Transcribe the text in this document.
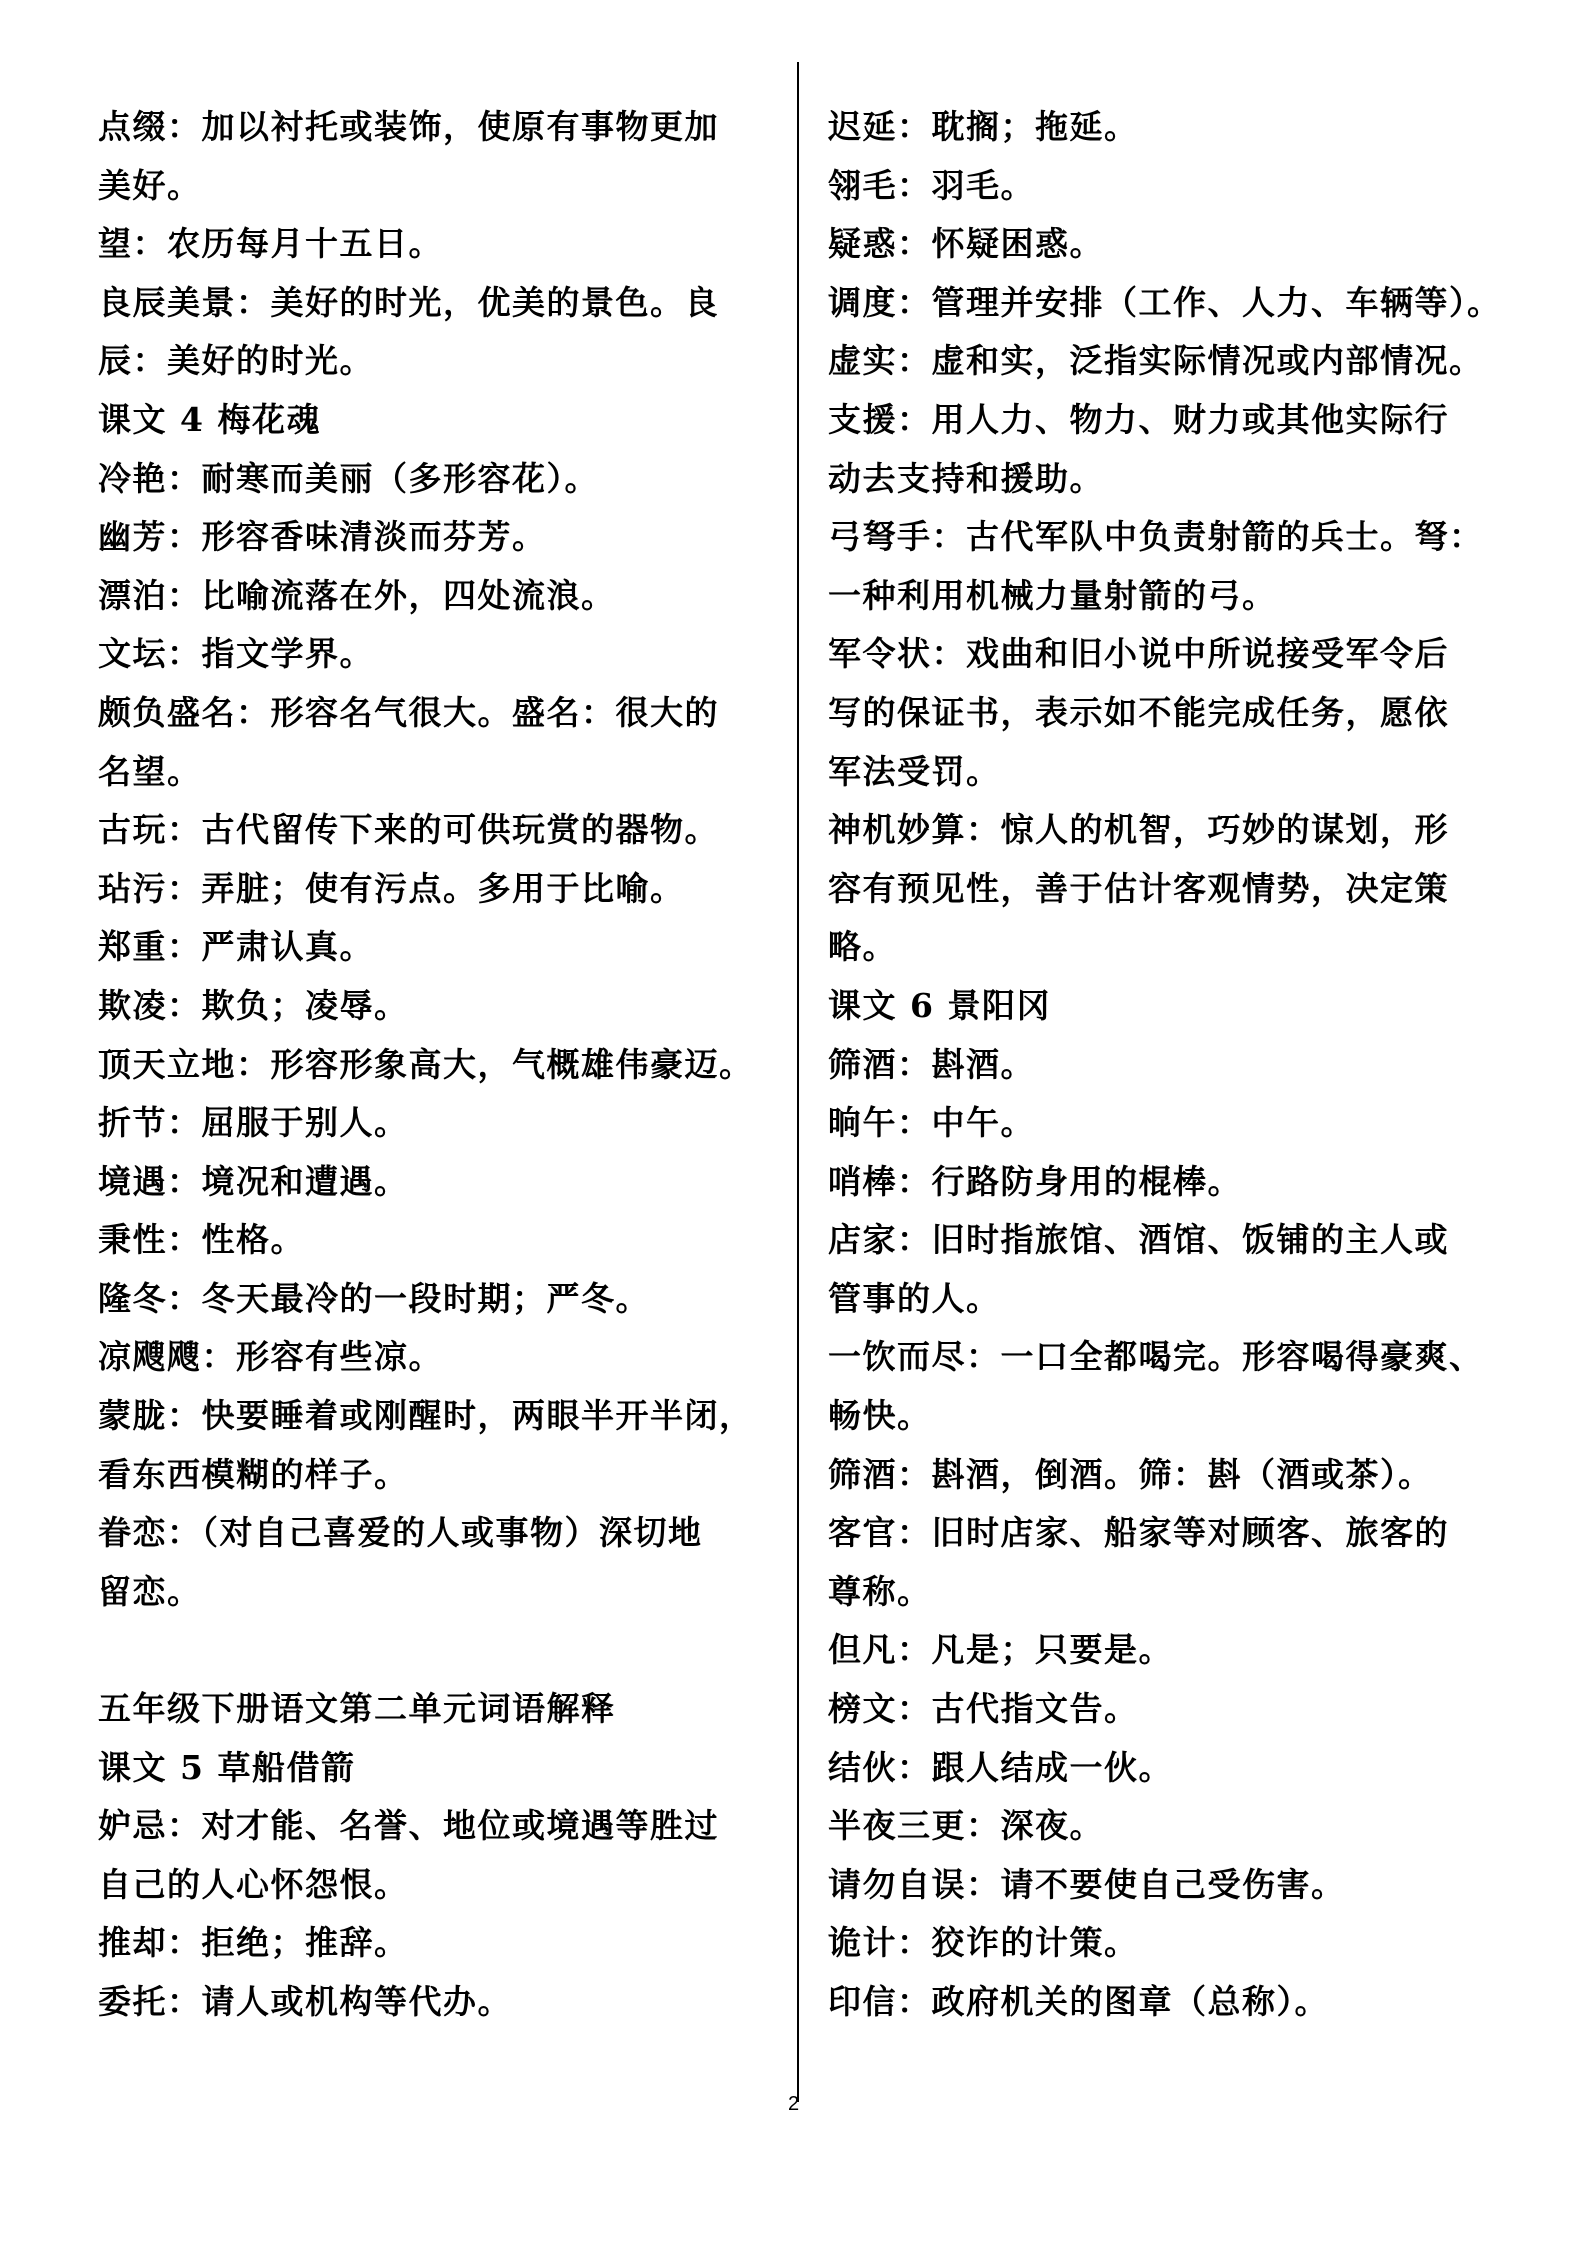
点缀：加以衬托或装饰，使原有事物更加
美好。
望：农历每月十五日。
良辰美景：美好的时光，优美的景色。良
辰：美好的时光。
课文 4 梅花魂
冷艳：耐寒而美丽（多形容花）。
幽芳：形容香味清淡而芬芳。
漂泊：比喻流落在外，四处流浪。
文坛：指文学界。
颇负盛名：形容名气很大。盛名：很大的
名望。
古玩：古代留传下来的可供玩赏的器物。
玷污：弄脏；使有污点。多用于比喻。
郑重：严肃认真。
欺凌：欺负；凌辱。
顶天立地：形容形象高大，气概雄伟豪迈。
折节：屈服于别人。
境遇：境况和遭遇。
秉性：性格。
隆冬：冬天最冷的一段时期；严冬。
凉飕飕：形容有些凉。
蒙胧：快要睡着或刚醒时，两眼半开半闭，
看东西模糊的样子。
眷恋：（对自己喜爱的人或事物）深切地
留恋。
五年级下册语文第二单元词语解释
课文 5 草船借箭
妒忌：对才能、名誉、地位或境遇等胜过
自己的人心怀怨恨。
推却：拒绝；推辞。
委托：请人或机构等代办。
迟延：耽搁；拖延。
翎毛：羽毛。
疑惑：怀疑困惑。
调度：管理并安排（工作、人力、车辆等）。
虚实：虚和实，泛指实际情况或内部情况。
支援：用人力、物力、财力或其他实际行
动去支持和援助。
弓弩手：古代军队中负责射箭的兵士。弩：
一种利用机械力量射箭的弓。
军令状：戏曲和旧小说中所说接受军令后
写的保证书，表示如不能完成任务，愿依
军法受罚。
神机妙算：惊人的机智，巧妙的谋划，形
容有预见性，善于估计客观情势，决定策
略。
课文 6 景阳冈
筛酒：斟酒。
晌午：中午。
哨棒：行路防身用的棍棒。
店家：旧时指旅馆、酒馆、饭铺的主人或
管事的人。
一饮而尽：一口全都喝完。形容喝得豪爽、
畅快。
筛酒：斟酒，倒酒。筛：斟（酒或茶）。
客官：旧时店家、船家等对顾客、旅客的
尊称。
但凡：凡是；只要是。
榜文：古代指文告。
结伙：跟人结成一伙。
半夜三更：深夜。
请勿自误：请不要使自己受伤害。
诡计：狡诈的计策。
印信：政府机关的图章（总称）。
2
